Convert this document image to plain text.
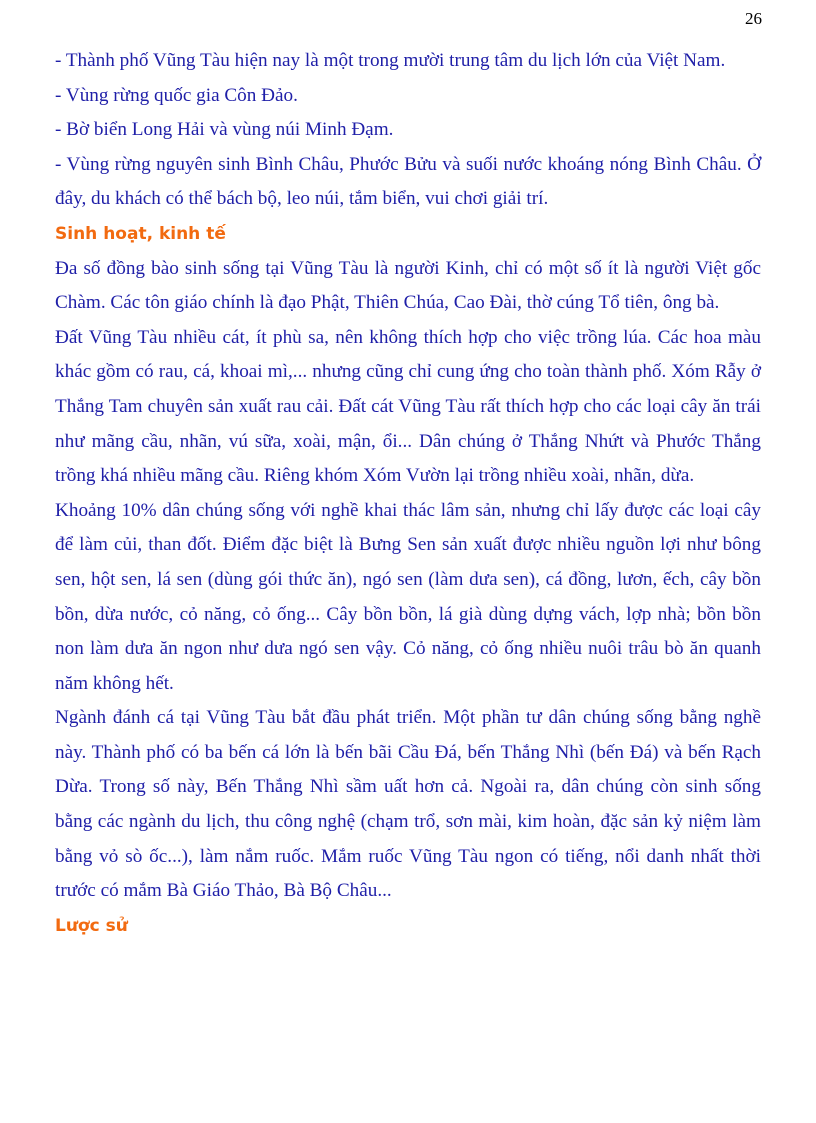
26

- Thành phố Vũng Tàu hiện nay là một trong mười trung tâm du lịch lớn của Việt Nam.

- Vùng rừng quốc gia Côn Đảo.

- Bờ biển Long Hải và vùng núi Minh Đạm.

- Vùng rừng nguyên sinh Bình Châu, Phước Bửu và suối nước khoáng nóng Bình Châu. Ở đây, du khách có thể bách bộ, leo núi, tắm biển, vui chơi giải trí.

Sinh hoạt, kinh tế

Đa số đồng bào sinh sống tại Vũng Tàu là người Kinh, chỉ có một số ít là người Việt gốc Chàm. Các tôn giáo chính là đạo Phật, Thiên Chúa, Cao Đài, thờ cúng Tổ tiên, ông bà.

Đất Vũng Tàu nhiều cát, ít phù sa, nên không thích hợp cho việc trồng lúa. Các hoa màu khác gồm có rau, cá, khoai mì,... nhưng cũng chỉ cung ứng cho toàn thành phố. Xóm Rẫy ở Thắng Tam chuyên sản xuất rau cải. Đất cát Vũng Tàu rất thích hợp cho các loại cây ăn trái như mãng cầu, nhãn, vú sữa, xoài, mận, ổi... Dân chúng ở Thắng Nhứt và Phước Thắng trồng khá nhiều mãng cầu. Riêng khóm Xóm Vườn lại trồng nhiều xoài, nhãn, dừa.

Khoảng 10% dân chúng sống với nghề khai thác lâm sản, nhưng chỉ lấy được các loại cây để làm củi, than đốt. Điểm đặc biệt là Bưng Sen sản xuất được nhiều nguồn lợi như bông sen, hột sen, lá sen (dùng gói thức ăn), ngó sen (làm dưa sen), cá đồng, lươn, ếch, cây bồn bồn, dừa nước, cỏ năng, cỏ ống... Cây bồn bồn, lá già dùng dựng vách, lợp nhà; bồn bồn non làm dưa ăn ngon như dưa ngó sen vậy. Cỏ năng, cỏ ống nhiều nuôi trâu bò ăn quanh năm không hết.

Ngành đánh cá tại Vũng Tàu bắt đầu phát triển. Một phần tư dân chúng sống bằng nghề này. Thành phố có ba bến cá lớn là bến bãi Cầu Đá, bến Thắng Nhì (bến Đá) và bến Rạch Dừa. Trong số này, Bến Thắng Nhì sầm uất hơn cả. Ngoài ra, dân chúng còn sinh sống bằng các ngành du lịch, thu công nghệ (chạm trổ, sơn mài, kim hoàn, đặc sản kỷ niệm làm bằng vỏ sò ốc...), làm nắm ruốc. Mắm ruốc Vũng Tàu ngon có tiếng, nổi danh nhất thời trước có mắm Bà Giáo Thảo, Bà Bộ Châu...

Lược sử
